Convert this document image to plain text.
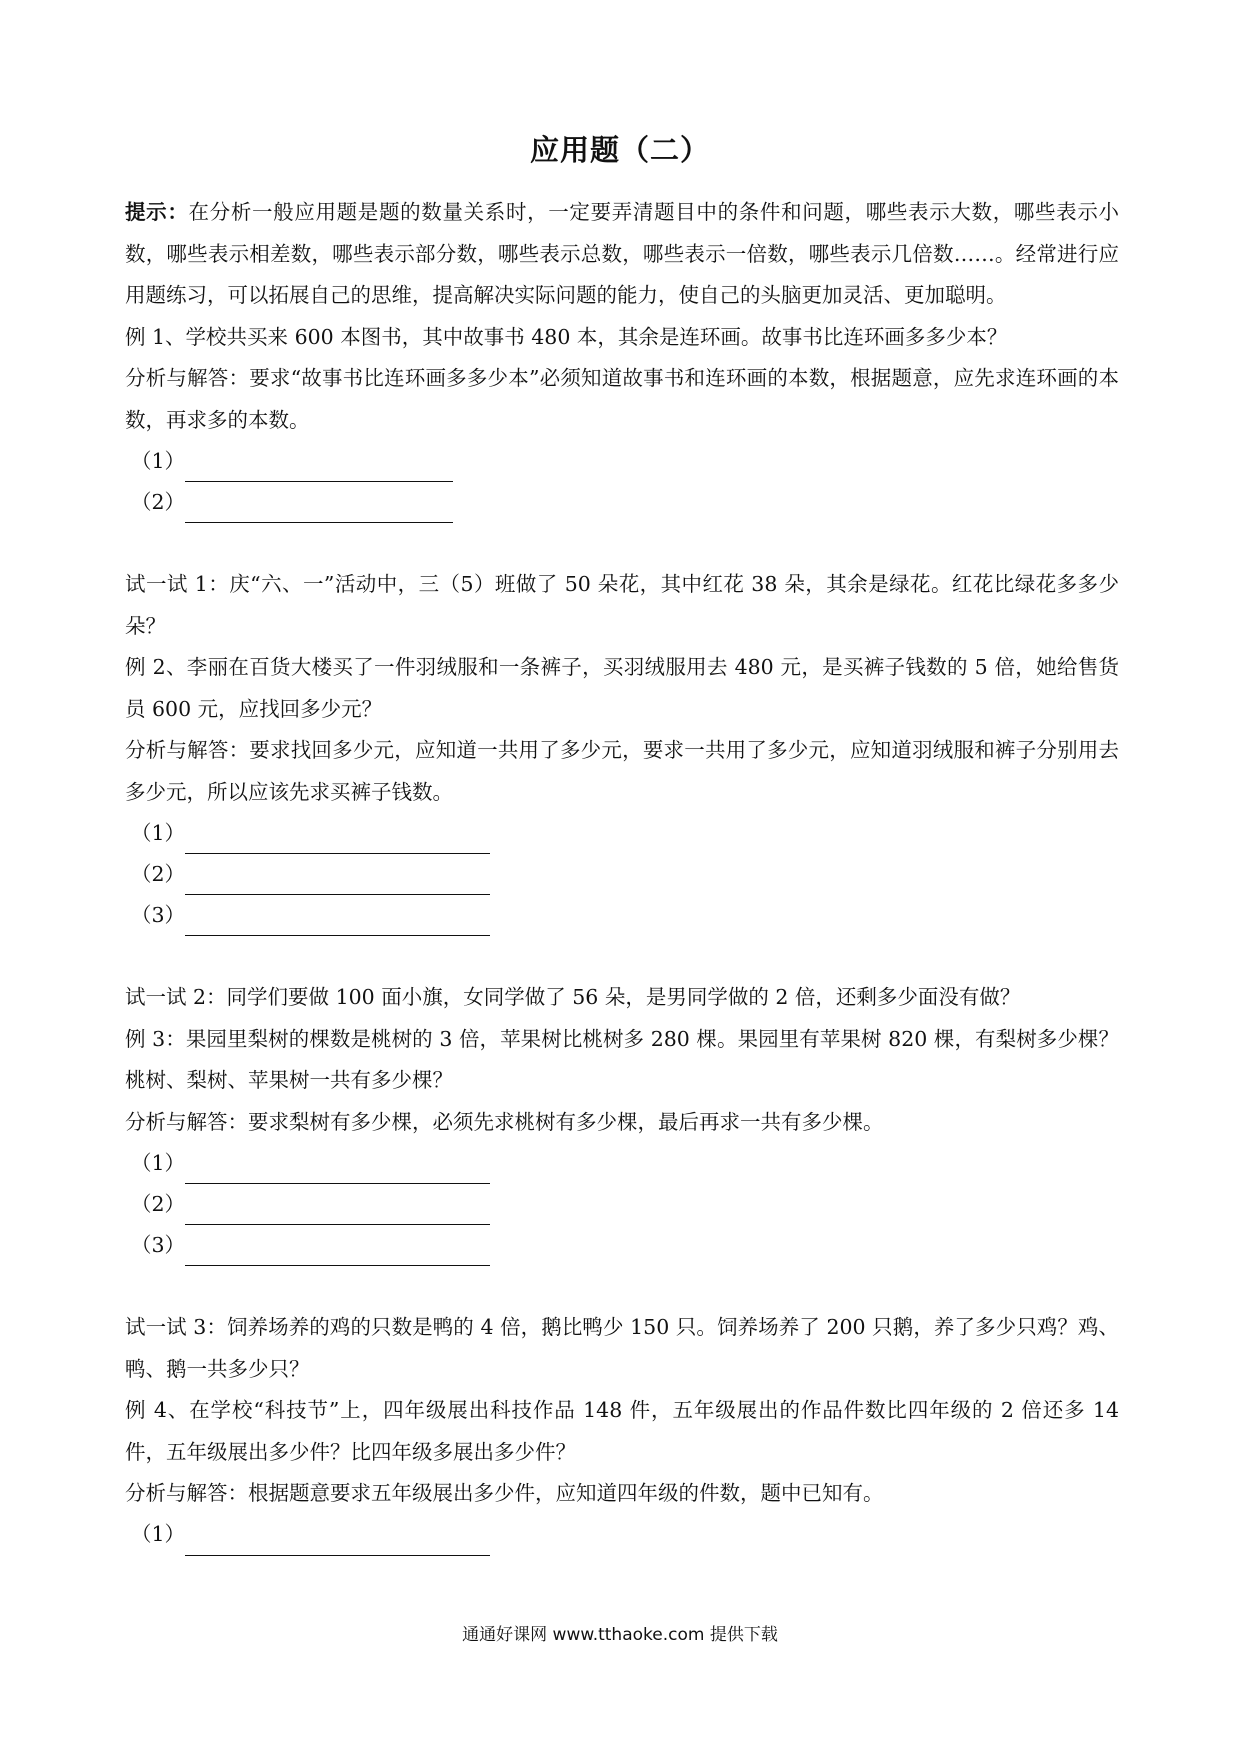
应用题（二）

提示：在分析一般应用题是题的数量关系时，一定要弄清题目中的条件和问题，哪些表示大数，哪些表示小数，哪些表示相差数，哪些表示部分数，哪些表示总数，哪些表示一倍数，哪些表示几倍数……。经常进行应用题练习，可以拓展自己的思维，提高解决实际问题的能力，使自己的头脑更加灵活、更加聪明。

例 1、学校共买来 600 本图书，其中故事书 480 本，其余是连环画。故事书比连环画多多少本？

分析与解答：要求“故事书比连环画多多少本”必须知道故事书和连环画的本数，根据题意，应先求连环画的本数，再求多的本数。

（1）
（2）

试一试 1：庆“六、一”活动中，三（5）班做了 50 朵花，其中红花 38 朵，其余是绿花。红花比绿花多多少朵？

例 2、李丽在百货大楼买了一件羽绒服和一条裤子，买羽绒服用去 480 元，是买裤子钱数的 5 倍，她给售货员 600 元，应找回多少元？

分析与解答：要求找回多少元，应知道一共用了多少元，要求一共用了多少元，应知道羽绒服和裤子分别用去多少元，所以应该先求买裤子钱数。

（1）
（2）
（3）

试一试 2：同学们要做 100 面小旗，女同学做了 56 朵，是男同学做的 2 倍，还剩多少面没有做？

例 3：果园里梨树的棵数是桃树的 3 倍，苹果树比桃树多 280 棵。果园里有苹果树 820 棵，有梨树多少棵？桃树、梨树、苹果树一共有多少棵？

分析与解答：要求梨树有多少棵，必须先求桃树有多少棵，最后再求一共有多少棵。

（1）
（2）
（3）

试一试 3：饲养场养的鸡的只数是鸭的 4 倍，鹅比鸭少 150 只。饲养场养了 200 只鹅，养了多少只鸡？鸡、鸭、鹅一共多少只？

例 4、在学校“科技节”上，四年级展出科技作品 148 件，五年级展出的作品件数比四年级的 2 倍还多 14 件，五年级展出多少件？比四年级多展出多少件？

分析与解答：根据题意要求五年级展出多少件，应知道四年级的件数，题中已知有。

（1）
通通好课网 www.tthaoke.com 提供下载
